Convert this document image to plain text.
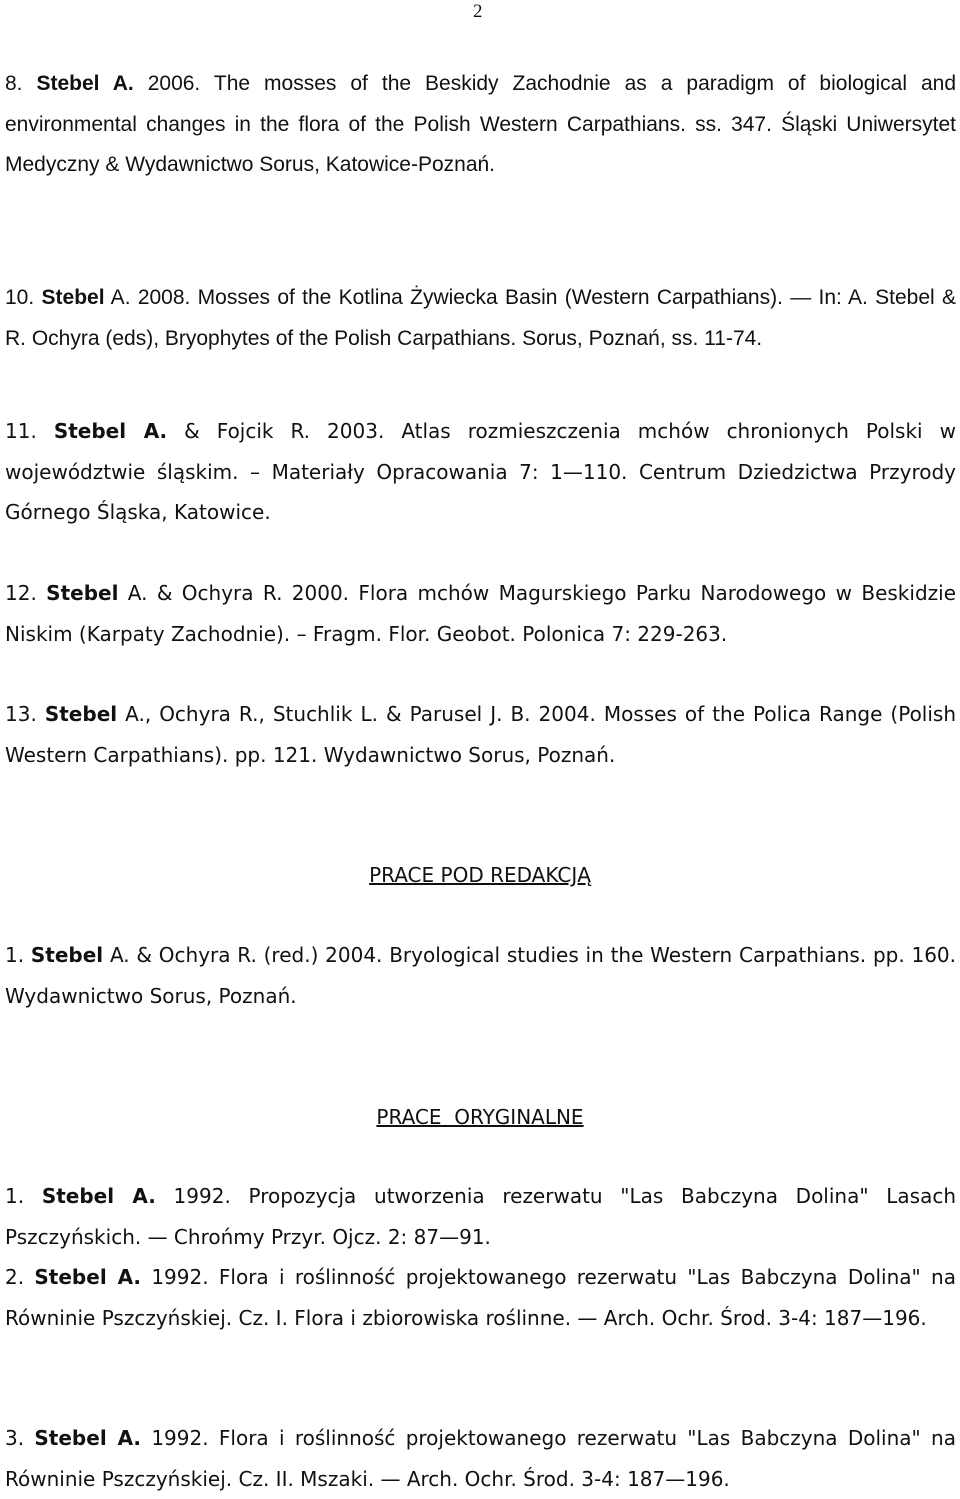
2

8. Stebel A. 2006. The mosses of the Beskidy Zachodnie as a paradigm of biological and environmental changes in the flora of the Polish Western Carpathians. ss. 347. Śląski Uniwersytet Medyczny & Wydawnictwo Sorus, Katowice-Poznań.

10. Stebel A. 2008. Mosses of the Kotlina Żywiecka Basin (Western Carpathians). — In: A. Stebel & R. Ochyra (eds), Bryophytes of the Polish Carpathians. Sorus, Poznań, ss. 11-74.

11. Stebel A. & Fojcik R. 2003. Atlas rozmieszczenia mchów chronionych Polski w województwie śląskim. – Materiały Opracowania 7: 1—110. Centrum Dziedzictwa Przyrody Górnego Śląska, Katowice.

12. Stebel A. & Ochyra R. 2000. Flora mchów Magurskiego Parku Narodowego w Beskidzie Niskim (Karpaty Zachodnie). – Fragm. Flor. Geobot. Polonica 7: 229-263.

13. Stebel A., Ochyra R., Stuchlik L. & Parusel J. B. 2004. Mosses of the Polica Range (Polish Western Carpathians). pp. 121. Wydawnictwo Sorus, Poznań.

PRACE POD REDAKCJĄ

1. Stebel A. & Ochyra R. (red.) 2004. Bryological studies in the Western Carpathians. pp. 160. Wydawnictwo Sorus, Poznań.

PRACE  ORYGINALNE

1. Stebel A. 1992. Propozycja utworzenia rezerwatu "Las Babczyna Dolina" Lasach Pszczyńskich. — Chrońmy Przyr. Ojcz. 2: 87—91.

2. Stebel A. 1992. Flora i roślinność projektowanego rezerwatu "Las Babczyna Dolina" na Równinie Pszczyńskiej. Cz. I. Flora i zbiorowiska roślinne. — Arch. Ochr. Środ. 3-4: 187—196.

3. Stebel A. 1992. Flora i roślinność projektowanego rezerwatu "Las Babczyna Dolina" na Równinie Pszczyńskiej. Cz. II. Mszaki. — Arch. Ochr. Środ. 3-4: 187—196.
